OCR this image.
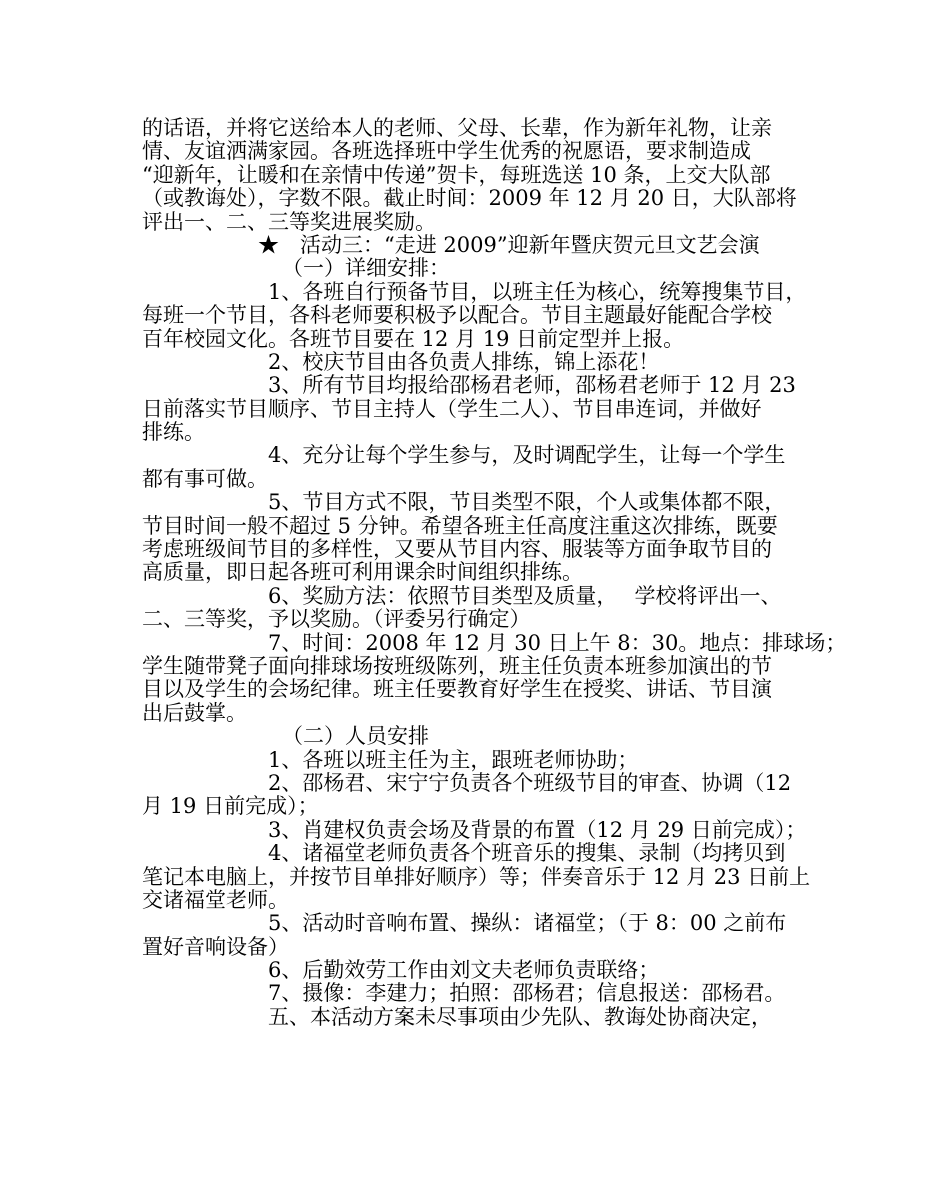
的话语，并将它送给本人的老师、父母、长辈，作为新年礼物，让亲
情、友谊洒满家园。各班选择班中学生优秀的祝愿语，要求制造成
“迎新年，让暖和在亲情中传递”贺卡，每班选送 10 条，上交大队部
（或教诲处），字数不限。截止时间：2009 年 12 月 20 日，大队部将
评出一、二、三等奖进展奖励。
★　活动三：“走进 2009”迎新年暨庆贺元旦文艺会演
（一）详细安排：
1、各班自行预备节目，以班主任为核心，统筹搜集节目，
每班一个节目，各科老师要积极予以配合。节目主题最好能配合学校
百年校园文化。各班节目要在 12 月 19 日前定型并上报。
2、校庆节目由各负责人排练，锦上添花！
3、所有节目均报给邵杨君老师，邵杨君老师于 12 月 23
日前落实节目顺序、节目主持人（学生二人）、节目串连词，并做好
排练。
4、充分让每个学生参与，及时调配学生，让每一个学生
都有事可做。
5、节目方式不限，节目类型不限，个人或集体都不限，
节目时间一般不超过 5 分钟。希望各班主任高度注重这次排练，既要
考虑班级间节目的多样性，又要从节目内容、服装等方面争取节目的
高质量，即日起各班可利用课余时间组织排练。
6、奖励方法：依照节目类型及质量，　 学校将评出一、
二、三等奖，予以奖励。（评委另行确定）
7、时间：2008 年 12 月 30 日上午 8：30。地点：排球场；
学生随带凳子面向排球场按班级陈列，班主任负责本班参加演出的节
目以及学生的会场纪律。班主任要教育好学生在授奖、讲话、节目演
出后鼓掌。
（二）人员安排
1、各班以班主任为主，跟班老师协助；
2、邵杨君、宋宁宁负责各个班级节目的审查、协调（12
月 19 日前完成）；
3、肖建权负责会场及背景的布置（12 月 29 日前完成）；
4、诸福堂老师负责各个班音乐的搜集、录制（均拷贝到
笔记本电脑上，并按节目单排好顺序）等；伴奏音乐于 12 月 23 日前上
交诸福堂老师。
5、活动时音响布置、操纵：诸福堂；（于 8：00 之前布
置好音响设备）
6、后勤效劳工作由刘文夫老师负责联络；
7、摄像：李建力；拍照：邵杨君；信息报送：邵杨君。
五、本活动方案未尽事项由少先队、教诲处协商决定，
